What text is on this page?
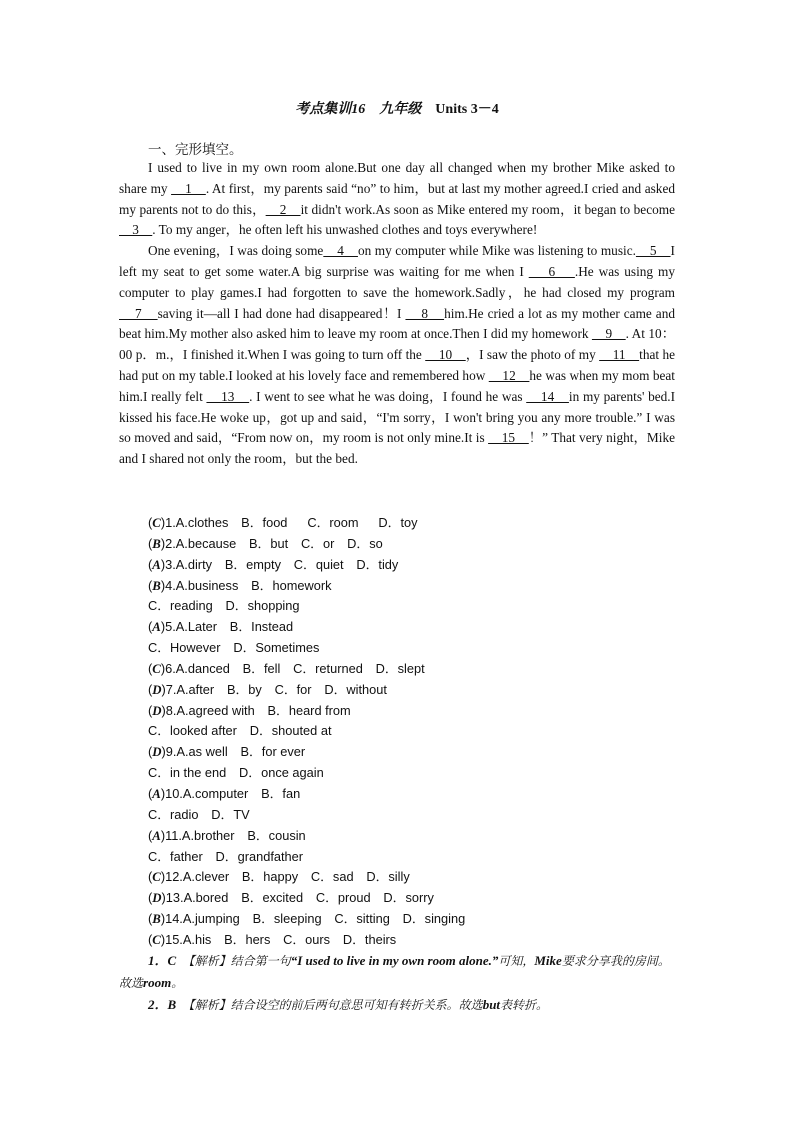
考点集训16 九年级 Units 3－4
一、完形填空。

I used to live in my own room alone.But one day all changed when my brother Mike asked to share my     1    . At first，my parents said “no” to him，but at last my mother agreed.I cried and asked my parents not to do this，    2    it didn't work.As soon as Mike entered my room，it began to become     3    . To my anger，he often left his unwashed clothes and toys everywhere!

One evening，I was doing some    4    on my computer while Mike was listening to music.    5    I left my seat to get some water.A big surprise was waiting for me when I     6    .He was using my computer to play games.I had forgotten to save the homework.Sadly，he had closed my program     7    saving it—all I had done had disappeared！I     8    him.He cried a lot as my mother came and beat him.My mother also asked him to leave my room at once.Then I did my homework     9    . At 10：00 p．m.，I finished it.When I was going to turn off the     10    ，I saw the photo of my     11    that he had put on my table.I looked at his lovely face and remembered how     12    he was when my mom beat him.I really felt     13    . I went to see what he was doing，I found he was     14    in my parents' bed.I kissed his face.He woke up，got up and said，“I'm sorry，I won't bring you any more trouble.” I was so moved and said，“From now on，my room is not only mine.It is     15    ！” That very night，Mike and I shared not only the room，but the bed.

(C)1.A.clothes　B．food　  C．room　  D．toy
(B)2.A.because　B．but　C．or　D．so
(A)3.A.dirty　B．empty　C．quiet　D．tidy
(B)4.A.business　B．homework
C．reading　D．shopping
(A)5.A.Later　B．Instead
C．However　D．Sometimes
(C)6.A.danced　B．fell　C．returned　D．slept
(D)7.A.after　B．by　C．for　D．without
(D)8.A.agreed with　B．heard from
C．looked after　D．shouted at
(D)9.A.as well　B．for ever
C．in the end　D．once again
(A)10.A.computer　B．fan
C．radio　D．TV
(A)11.A.brother　B．cousin
C．father　D．grandfather
(C)12.A.clever　B．happy　C．sad　D．silly
(D)13.A.bored　B．excited　C．proud　D．sorry
(B)14.A.jumping　B．sleeping　C．sitting　D．singing
(C)15.A.his　B．hers　C．ours　D．theirs

1．C 【解析】结合第一句“I used to live in my own room alone.”可知，Mike要求分享我的房间。故选room。

2．B 【解析】结合设空的前后两句意思可知有转折关系。故选but表转折。
